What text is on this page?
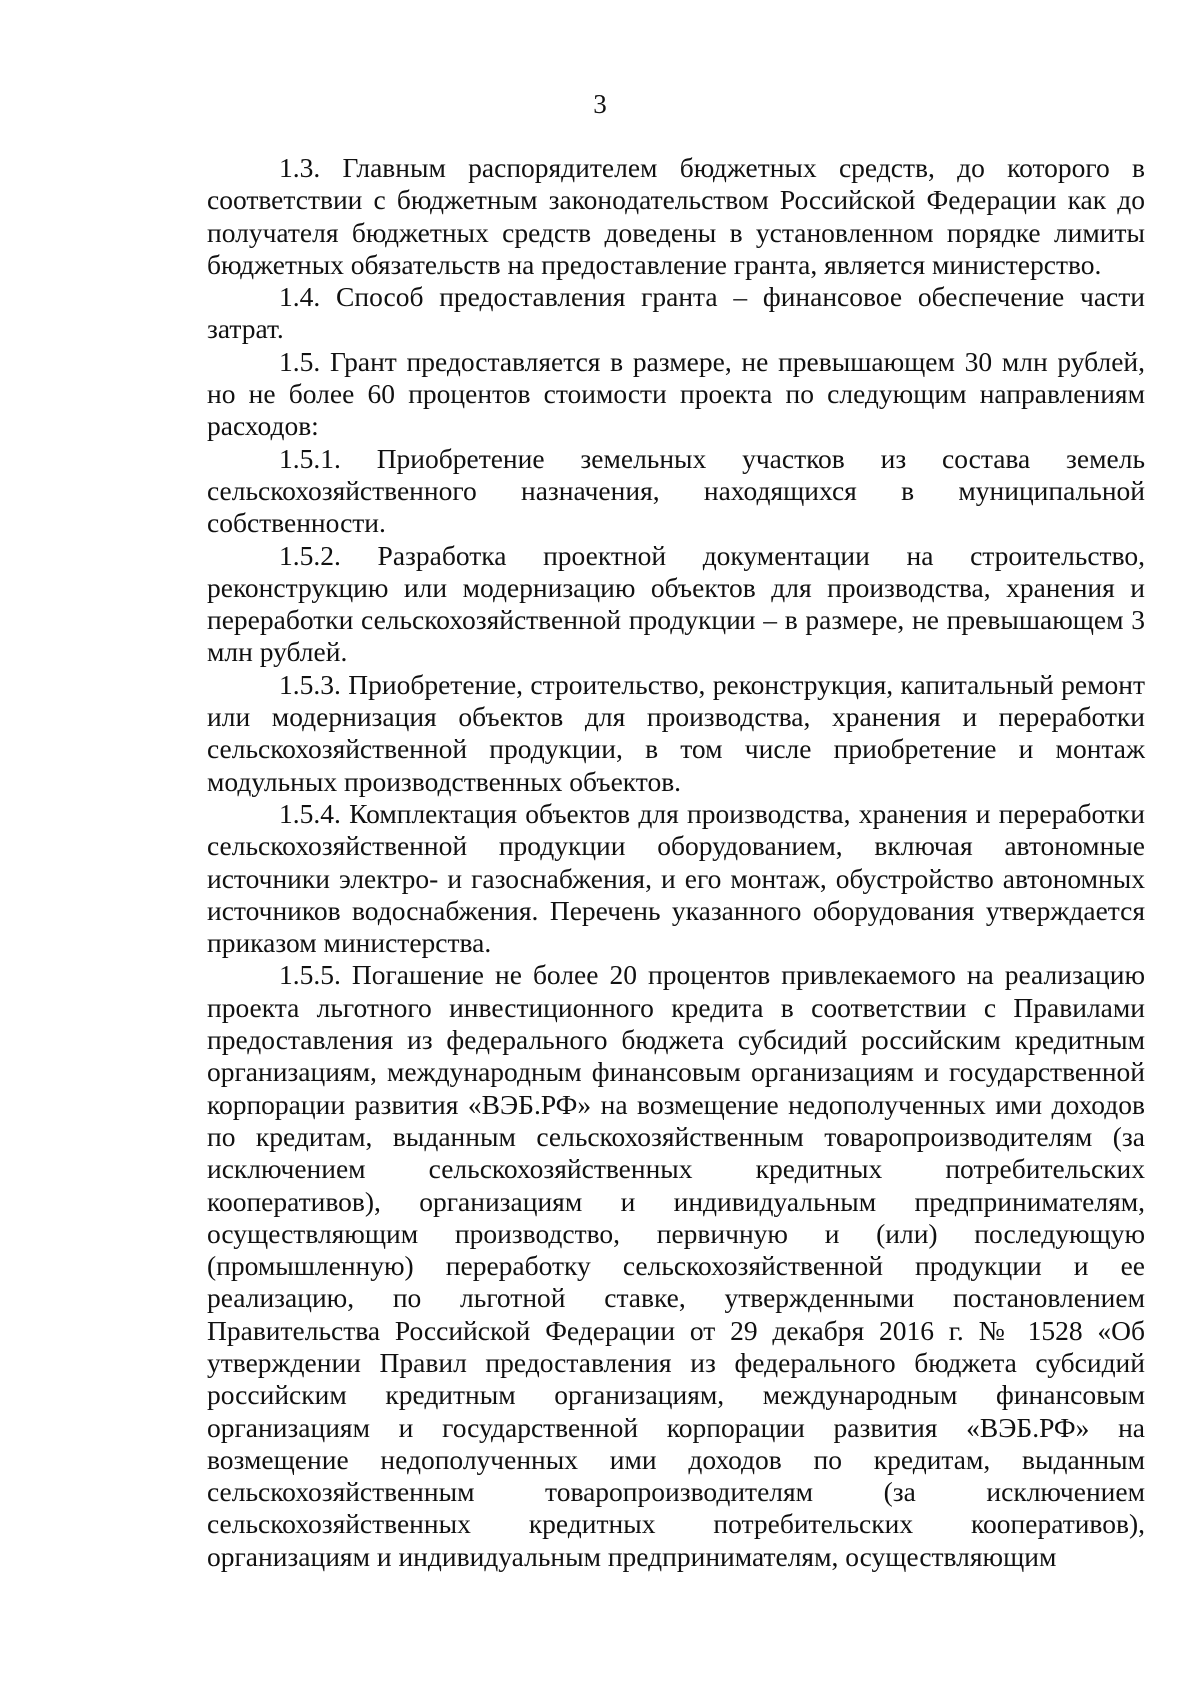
3

1.3. Главным распорядителем бюджетных средств, до которого в соответствии с бюджетным законодательством Российской Федерации как до получателя бюджетных средств доведены в установленном порядке лимиты бюджетных обязательств на предоставление гранта, является министерство.

1.4. Способ предоставления гранта – финансовое обеспечение части затрат.

1.5. Грант предоставляется в размере, не превышающем 30 млн рублей, но не более 60 процентов стоимости проекта по следующим направлениям расходов:

1.5.1. Приобретение земельных участков из состава земель сельскохозяйственного назначения, находящихся в муниципальной собственности.

1.5.2. Разработка проектной документации на строительство, реконструкцию или модернизацию объектов для производства, хранения и переработки сельскохозяйственной продукции – в размере, не превышающем 3 млн рублей.

1.5.3. Приобретение, строительство, реконструкция, капитальный ремонт или модернизация объектов для производства, хранения и переработки сельскохозяйственной продукции, в том числе приобретение и монтаж модульных производственных объектов.

1.5.4. Комплектация объектов для производства, хранения и переработки сельскохозяйственной продукции оборудованием, включая автономные источники электро- и газоснабжения, и его монтаж, обустройство автономных источников водоснабжения. Перечень указанного оборудования утверждается приказом министерства.

1.5.5. Погашение не более 20 процентов привлекаемого на реализацию проекта льготного инвестиционного кредита в соответствии с Правилами предоставления из федерального бюджета субсидий российским кредитным организациям, международным финансовым организациям и государственной корпорации развития «ВЭБ.РФ» на возмещение недополученных ими доходов по кредитам, выданным сельскохозяйственным товаропроизводителям (за исключением сельскохозяйственных кредитных потребительских кооперативов), организациям и индивидуальным предпринимателям, осуществляющим производство, первичную и (или) последующую (промышленную) переработку сельскохозяйственной продукции и ее реализацию, по льготной ставке, утвержденными постановлением Правительства Российской Федерации от 29 декабря 2016 г. № 1528 «Об утверждении Правил предоставления из федерального бюджета субсидий российским кредитным организациям, международным финансовым организациям и государственной корпорации развития «ВЭБ.РФ» на возмещение недополученных ими доходов по кредитам, выданным сельскохозяйственным товаропроизводителям (за исключением сельскохозяйственных кредитных потребительских кооперативов), организациям и индивидуальным предпринимателям, осуществляющим
